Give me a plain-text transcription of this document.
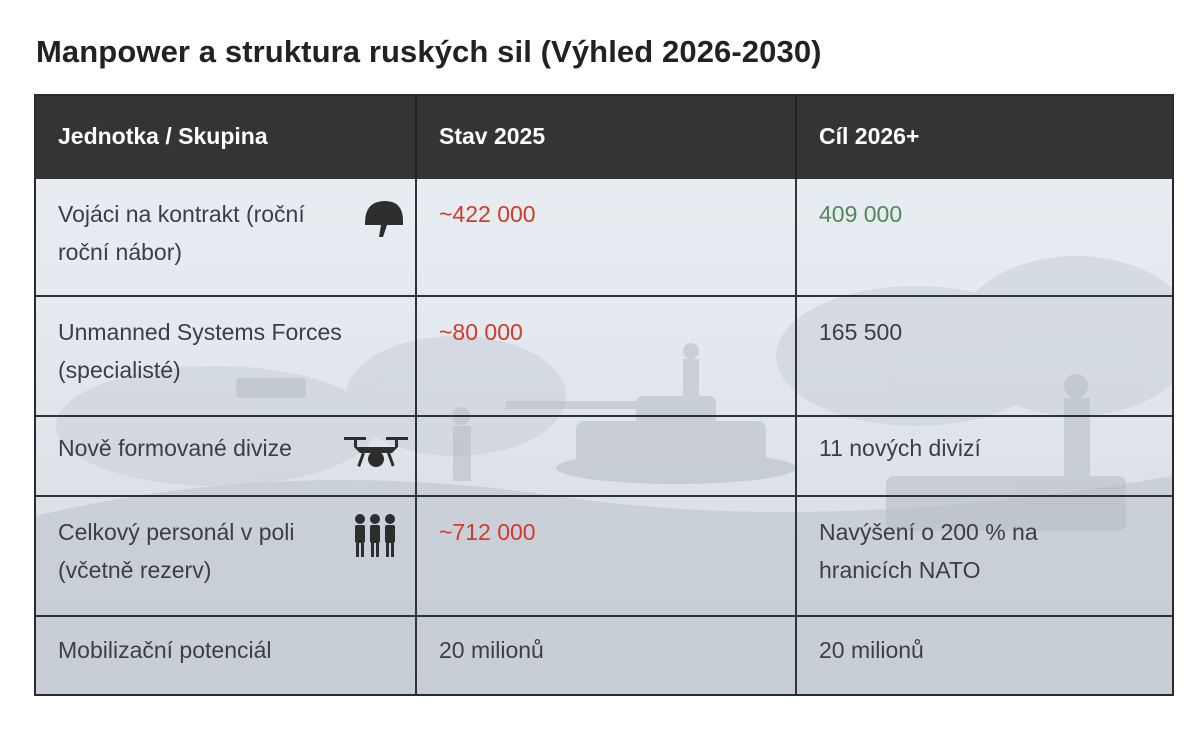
Manpower a struktura ruských sil (Výhled 2026-2030)
Jednotka / Skupina	Stav 2025	Cíl 2026+

Vojáci na kontrakt (roční roční nábor)	~422 000	409 000

Unmanned Systems Forces (specialisté)	~80 000	165 500

Nově formované divize		11 nových divizí

Celkový personál v poli (včetně rezerv)	~712 000	Navýšení o 200 % na hranicích NATO

Mobilizační potenciál	20 milionů	20 milionů
